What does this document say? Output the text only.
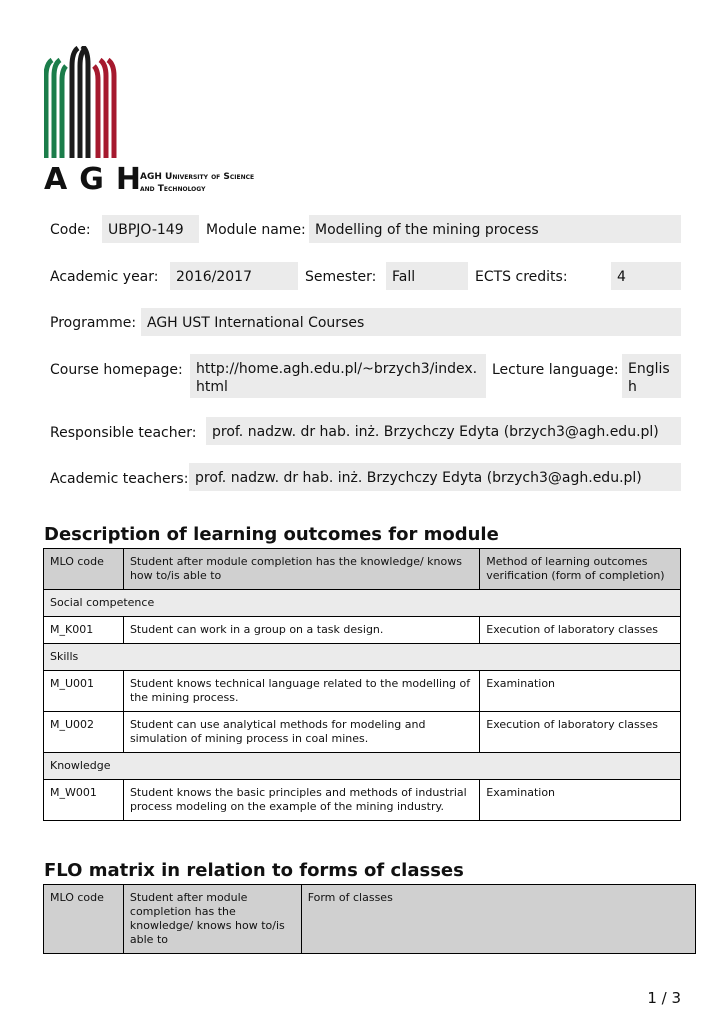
AGH
AGH University of Science
and Technology
Code:	UBPJO-149	Module name: Modelling of the mining process
Academic year:	2016/2017	Semester:	Fall	ECTS credits:	4
Programme: AGH UST International Courses
Course homepage: http://home.agh.edu.pl/~brzych3/index.html
Lecture language: English
Responsible teacher:	prof. nadzw. dr hab. inż. Brzychczy Edyta (brzych3@agh.edu.pl)
Academic teachers: prof. nadzw. dr hab. inż. Brzychczy Edyta (brzych3@agh.edu.pl)
Description of learning outcomes for module
MLO code	Student after module completion has the knowledge/ knows how to/is able to	Method of learning outcomes verification (form of completion)
Social competence		
M_K001	Student can work in a group on a task design.	Execution of laboratory classes
Skills		
M_U001	Student knows technical language related to the modelling of the mining process.	Examination
M_U002	Student can use analytical methods for modeling and simulation of mining process in coal mines.	Execution of laboratory classes
Knowledge		
M_W001	Student knows the basic principles and methods of industrial process modeling on the example of the mining industry.	Examination
FLO matrix in relation to forms of classes
MLO code	Student after module completion has the knowledge/ knows how to/is able to	Form of classes
1 / 3
